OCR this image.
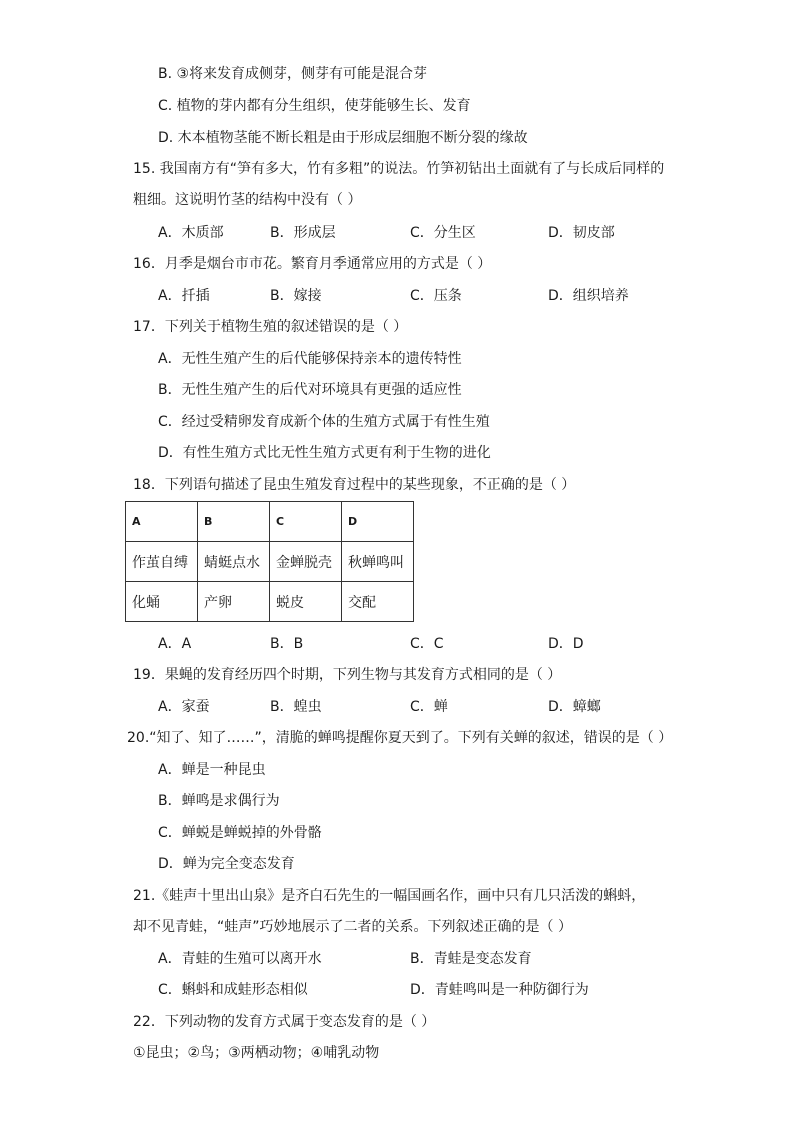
B. ③将来发育成侧芽，侧芽有可能是混合芽
C. 植物的芽内都有分生组织，使芽能够生长、发育
D. 木本植物茎能不断长粗是由于形成层细胞不断分裂的缘故
15. 我国南方有“笋有多大，竹有多粗”的说法。竹笋初钻出土面就有了与长成后同样的
粗细。这说明竹茎的结构中没有（ ）
A．木质部	B．形成层	C．分生区	D．韧皮部
16．月季是烟台市市花。繁育月季通常应用的方式是（ ）
A．扦插	B．嫁接	C．压条	D．组织培养
17．下列关于植物生殖的叙述错误的是（ ）
A．无性生殖产生的后代能够保持亲本的遗传特性
B．无性生殖产生的后代对环境具有更强的适应性
C．经过受精卵发育成新个体的生殖方式属于有性生殖
D．有性生殖方式比无性生殖方式更有利于生物的进化
18．下列语句描述了昆虫生殖发育过程中的某些现象，不正确的是（ ）
A	B	C	D
作茧自缚	蜻蜓点水	金蝉脱壳	秋蝉鸣叫
化蛹	产卵	蜕皮	交配
A．A	B．B	C．C	D．D
19．果蝇的发育经历四个时期，下列生物与其发育方式相同的是（ ）
A．家蚕	B．蝗虫	C．蝉	D．蟑螂
20.“知了、知了……”，清脆的蝉鸣提醒你夏天到了。下列有关蝉的叙述，错误的是（ ）
A．蝉是一种昆虫
B．蝉鸣是求偶行为
C．蝉蜕是蝉蜕掉的外骨骼
D．蝉为完全变态发育
21.《蛙声十里出山泉》是齐白石先生的一幅国画名作，画中只有几只活泼的蝌蚪，
却不见青蛙，“蛙声”巧妙地展示了二者的关系。下列叙述正确的是（ ）
A．青蛙的生殖可以离开水	B．青蛙是变态发育
C．蝌蚪和成蛙形态相似	D．青蛙鸣叫是一种防御行为
22．下列动物的发育方式属于变态发育的是（ ）
①昆虫；②鸟；③两栖动物；④哺乳动物
